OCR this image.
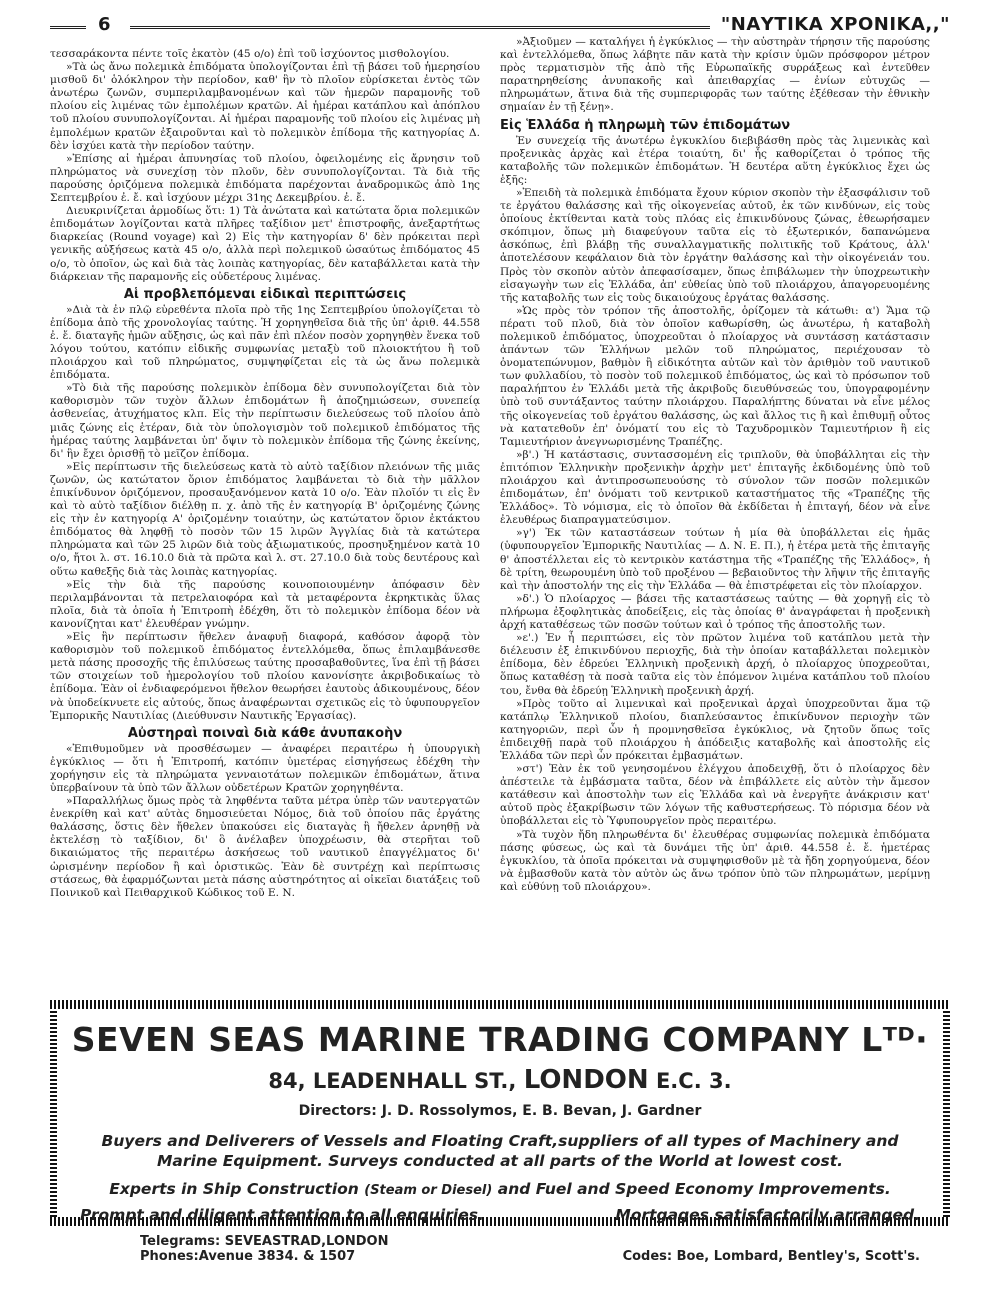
6	"ΝΑΥΤΙΚΑ ΧΡΟΝΙΚΑ,,"

τεσσαράκοντα πέντε τοῖς ἑκατὸν (45 ο/ο) ἐπὶ τοῦ ἰσχύοντος μισθολογίου.

»Τὰ ὡς ἄνω πολεμικὰ ἐπιδόματα ὑπολογίζονται ἐπὶ τῇ βάσει τοῦ ἡμερησίου μισθοῦ δι' ὁλόκληρον τὴν περίοδον, καθ' ἣν τὸ πλοῖον εὑρίσκεται ἐντὸς τῶν ἀνωτέρω ζωνῶν, συμπεριλαμβανομένων καὶ τῶν ἡμερῶν παραμονῆς τοῦ πλοίου εἰς λιμένας τῶν ἐμπολέμων κρατῶν. Αἱ ἡμέραι κατάπλου καὶ ἀπόπλου τοῦ πλοίου συνυπολογίζονται. Αἱ ἡμέραι παραμονῆς τοῦ πλοίου εἰς λιμένας μὴ ἐμπολέμων κρατῶν ἐξαιροῦνται καὶ τὸ πολεμικὸν ἐπίδομα τῆς κατηγορίας Δ. δὲν ἰσχύει κατὰ τὴν περίοδον ταύτην.

»Ἐπίσης αἱ ἡμέραι ἀπυνησίας τοῦ πλοίου, ὀφειλομένης εἰς ἄρνησιν τοῦ πληρώματος νὰ συνεχίσῃ τὸν πλοῦν, δὲν συνυπολογίζονται. Τὰ διὰ τῆς παρούσης ὁριζόμενα πολεμικὰ ἐπιδόματα παρέχονται ἀναδρομικῶς ἀπὸ 1ης Σεπτεμβρίου ἐ. ἔ. καὶ ἰσχύουν μέχρι 31ης Δεκεμβρίου. ἐ. ἔ.

Διευκρινίζεται ἁρμοδίως ὅτι: 1) Τὰ ἀνώτατα καὶ κατώτατα ὅρια πολεμικῶν ἐπιδομάτων λογίζονται κατὰ πλῆρες ταξίδιον μετ' ἐπιστροφῆς, ἀνεξαρτήτως διαρκείας (Round voyage) καὶ 2) Εἰς τὴν κατηγορίαν δ' δὲν πρόκειται περὶ γενικῆς αὐξήσεως κατὰ 45 ο/ο, ἀλλὰ περὶ πολεμικοῦ ὡσαύτως ἐπιδόματος 45 ο/ο, τὸ ὁποῖον, ὡς καὶ διὰ τὰς λοιπὰς κατηγορίας, δὲν καταβάλλεται κατὰ τὴν διάρκειαν τῆς παραμονῆς εἰς οὐδετέρους λιμένας.

Αἱ προβλεπόμεναι εἰδικαὶ περιπτώσεις

»Διὰ τὰ ἐν πλῷ εὑρεθέντα πλοῖα πρὸ τῆς 1ης Σεπτεμβρίου ὑπολογίζεται τὸ ἐπίδομα ἀπὸ τῆς χρονολογίας ταύτης. Ἡ χορηγηθεῖσα διὰ τῆς ὑπ' ἀριθ. 44.558 ἐ. ἔ. διαταγῆς ἡμῶν αὔξησις, ὡς καὶ πᾶν ἐπὶ πλέον ποσὸν χορηγηθὲν ἕνεκα τοῦ λόγου τούτου, κατόπιν εἰδικῆς συμφωνίας μεταξὺ τοῦ πλοιοκτήτου ἢ τοῦ πλοιάρχου καὶ τοῦ πληρώματος, συμψηφίζεται εἰς τὰ ὡς ἄνω πολεμικὰ ἐπιδόματα.

»Τὸ διὰ τῆς παρούσης πολεμικὸν ἐπίδομα δὲν συνυπολογίζεται διὰ τὸν καθορισμὸν τῶν τυχὸν ἄλλων ἐπιδομάτων ἢ ἀποζημιώσεων, συνεπείᾳ ἀσθενείας, ἀτυχήματος κλπ. Εἰς τὴν περίπτωσιν διελεύσεως τοῦ πλοίου ἀπὸ μιᾶς ζώνης εἰς ἑτέραν, διὰ τὸν ὑπολογισμὸν τοῦ πολεμικοῦ ἐπιδόματος τῆς ἡμέρας ταύτης λαμβάνεται ὑπ' ὄψιν τὸ πολεμικὸν ἐπίδομα τῆς ζώνης ἐκείνης, δι' ἣν ἔχει ὁρισθῇ τὸ μεῖζον ἐπίδομα.

»Εἰς περίπτωσιν τῆς διελεύσεως κατὰ τὸ αὐτὸ ταξίδιον πλειόνων τῆς μιᾶς ζωνῶν, ὡς κατώτατον ὅριον ἐπιδόματος λαμβάνεται τὸ διὰ τὴν μᾶλλον ἐπικίνδυνον ὁριζόμενον, προσαυξανόμενον κατὰ 10 ο/ο. Ἐὰν πλοῖόν τι εἰς ἓν καὶ τὸ αὐτὸ ταξίδιον διέλθῃ π. χ. ἀπὸ τῆς ἐν κατηγορίᾳ Β' ὁριζομένης ζώνης εἰς τὴν ἐν κατηγορίᾳ Α' ὁριζομένην τοιαύτην, ὡς κατώτατον ὅριον ἐκτάκτου ἐπιδόματος θὰ ληφθῇ τὸ ποσὸν τῶν 15 λιρῶν Ἀγγλίας διὰ τὰ κατώτερα πληρώματα καὶ τῶν 25 λιρῶν διὰ τοὺς ἀξιωματικούς, προσηυξημένον κατὰ 10 ο/ο, ἤτοι λ. στ. 16.10.0 διὰ τὰ πρῶτα καὶ λ. στ. 27.10.0 διὰ τοὺς δευτέρους καὶ οὕτω καθεξῆς διὰ τὰς λοιπὰς κατηγορίας.

»Εἰς τὴν διὰ τῆς παρούσης κοινοποιουμένην ἀπόφασιν δὲν περιλαμβάνονται τὰ πετρελαιοφόρα καὶ τὰ μεταφέροντα ἐκρηκτικὰς ὕλας πλοῖα, διὰ τὰ ὁποῖα ἡ Ἐπιτροπὴ ἐδέχθη, ὅτι τὸ πολεμικὸν ἐπίδομα δέον νὰ κανονίζηται κατ' ἐλευθέραν γνώμην.

»Εἰς ἣν περίπτωσιν ἤθελεν ἀναφυῇ διαφορά, καθόσον ἀφορᾷ τὸν καθορισμὸν τοῦ πολεμικοῦ ἐπιδόματος ἐντελλόμεθα, ὅπως ἐπιλαμβάνεσθε μετὰ πάσης προσοχῆς τῆς ἐπιλύσεως ταύτης προσαβαθοῦντες, ἵνα ἐπὶ τῇ βάσει τῶν στοιχείων τοῦ ἡμερολογίου τοῦ πλοίου κανονίσητε ἀκριβοδικαίως τὸ ἐπίδομα. Ἐὰν οἱ ἐνδιαφερόμενοι ἤθελον θεωρήσει ἑαυτοὺς ἀδικουμένους, δέον νὰ ὑποδείκνυετε εἰς αὐτούς, ὅπως ἀναφέρωνται σχετικῶς εἰς τὸ ὑφυπουργεῖον Ἐμπορικῆς Ναυτιλίας (Διεύθυνσιν Ναυτικῆς Ἐργασίας).

Αὐστηραὶ ποιναὶ διὰ κάθε ἀνυπακοὴν

«Ἐπιθυμοῦμεν νὰ προσθέσωμεν — ἀναφέρει περαιτέρω ἡ ὑπουργικὴ ἐγκύκλιος — ὅτι ἡ Ἐπιτροπή, κατόπιν ὑμετέρας εἰσηγήσεως ἐδέχθη τὴν χορήγησιν εἰς τὰ πληρώματα γενναιοτάτων πολεμικῶν ἐπιδομάτων, ἅτινα ὑπερβαίνουν τὰ ὑπὸ τῶν ἄλλων οὐδετέρων Κρατῶν χορηγηθέντα.

»Παραλλήλως ὅμως πρὸς τὰ ληφθέντα ταῦτα μέτρα ὑπὲρ τῶν ναυτεργατῶν ἐνεκρίθη καὶ κατ' αὐτὰς δημοσιεύεται Νόμος, διὰ τοῦ ὁποίου πᾶς ἐργάτης θαλάσσης, ὅστις δὲν ἤθελεν ὑπακούσει εἰς διαταγὰς ἢ ἤθελεν ἀρνηθῇ νὰ ἐκτελέσῃ τὸ ταξίδιον, δι' ὃ ἀνέλαβεν ὑποχρέωσιν, θὰ στερῆται τοῦ δικαιώματος τῆς περαιτέρω ἀσκήσεως τοῦ ναυτικοῦ ἐπαγγέλματος δι' ὡρισμένην περίοδον ἢ καὶ ὁριστικῶς. Ἐὰν δὲ συντρέχῃ καὶ περίπτωσις στάσεως, θὰ ἐφαρμόζωνται μετὰ πάσης αὐστηρότητος αἱ οἰκεῖαι διατάξεις τοῦ Ποινικοῦ καὶ Πειθαρχικοῦ Κώδικος τοῦ Ε. Ν.

»Ἀξιοῦμεν — καταλήγει ἡ ἐγκύκλιος — τὴν αὐστηρὰν τήρησιν τῆς παρούσης καὶ ἐντελλόμεθα, ὅπως λάβητε πᾶν κατὰ τὴν κρίσιν ὑμῶν πρόσφορον μέτρον πρὸς τερματισμὸν τῆς ἀπὸ τῆς Εὐρωπαϊκῆς συρράξεως καὶ ἐντεῦθεν παρατηρηθείσης ἀνυπακοῆς καὶ ἀπειθαρχίας — ἐνίων εὐτυχῶς — πληρωμάτων, ἅτινα διὰ τῆς συμπεριφορᾶς των ταύτης ἐξέθεσαν τὴν ἐθνικὴν σημαίαν ἐν τῇ ξένῃ».

Εἰς Ἑλλάδα ἡ πληρωμὴ τῶν ἐπιδομάτων

Ἐν συνεχείᾳ τῆς ἀνωτέρω ἐγκυκλίου διεβιβάσθη πρὸς τὰς λιμενικὰς καὶ προξενικὰς ἀρχὰς καὶ ἑτέρα τοιαύτη, δι' ἧς καθορίζεται ὁ τρόπος τῆς καταβολῆς τῶν πολεμικῶν ἐπιδομάτων. Ἡ δευτέρα αὕτη ἐγκύκλιος ἔχει ὡς ἑξῆς:

»Ἐπειδὴ τὰ πολεμικὰ ἐπιδόματα ἔχουν κύριον σκοπὸν τὴν ἐξασφάλισιν τοῦ τε ἐργάτου θαλάσσης καὶ τῆς οἰκογενείας αὐτοῦ, ἐκ τῶν κινδύνων, εἰς τοὺς ὁποίους ἐκτίθενται κατὰ τοὺς πλόας εἰς ἐπικινδύνους ζώνας, ἐθεωρήσαμεν σκόπιμον, ὅπως μὴ διαφεύγουν ταῦτα εἰς τὸ ἐξωτερικόν, δαπανώμενα ἀσκόπως, ἐπὶ βλάβῃ τῆς συναλλαγματικῆς πολιτικῆς τοῦ Κράτους, ἀλλ' ἀποτελέσουν κεφάλαιον διὰ τὸν ἐργάτην θαλάσσης καὶ τὴν οἰκογένειάν του. Πρὸς τὸν σκοπὸν αὐτὸν ἀπεφασίσαμεν, ὅπως ἐπιβάλωμεν τὴν ὑποχρεωτικὴν εἰσαγωγὴν των εἰς Ἑλλάδα, ἀπ' εὐθείας ὑπὸ τοῦ πλοιάρχου, ἀπαγορευομένης τῆς καταβολῆς των εἰς τοὺς δικαιούχους ἐργάτας θαλάσσης.

»Ὡς πρὸς τὸν τρόπον τῆς ἀποστολῆς, ὁρίζομεν τὰ κάτωθι: α') Ἅμα τῷ πέρατι τοῦ πλοῦ, διὰ τὸν ὁποῖον καθωρίσθη, ὡς ἀνωτέρω, ἡ καταβολὴ πολεμικοῦ ἐπιδόματος, ὑποχρεοῦται ὁ πλοίαρχος νὰ συντάσσῃ κατάστασιν ἁπάντων τῶν Ἑλλήνων μελῶν τοῦ πληρώματος, περιέχουσαν τὸ ὀνοματεπώνυμον, βαθμὸν ἢ εἰδικότητα αὐτῶν καὶ τὸν ἀριθμὸν τοῦ ναυτικοῦ των φυλλαδίου, τὸ ποσὸν τοῦ πολεμικοῦ ἐπιδόματος, ὡς καὶ τὸ πρόσωπον τοῦ παραλήπτου ἐν Ἑλλάδι μετὰ τῆς ἀκριβοῦς διευθύνσεώς του, ὑπογραφομένην ὑπὸ τοῦ συντάξαντος ταύτην πλοιάρχου. Παραλήπτης δύναται νὰ εἶνε μέλος τῆς οἰκογενείας τοῦ ἐργάτου θαλάσσης, ὡς καὶ ἄλλος τις ἢ καὶ ἐπιθυμῇ οὗτος νὰ κατατεθοῦν ἐπ' ὀνόματί του εἰς τὸ Ταχυδρομικὸν Ταμιευτήριον ἢ εἰς Ταμιευτήριον ἀνεγνωρισμένης Τραπέζης.

»β'.) Ἡ κατάστασις, συντασσομένη εἰς τριπλοῦν, θὰ ὑποβάλληται εἰς τὴν ἐπιτόπιον Ἑλληνικὴν προξενικὴν ἀρχὴν μετ' ἐπιταγῆς ἐκδιδομένης ὑπὸ τοῦ πλοιάρχου καὶ ἀντιπροσωπευούσης τὸ σύνολον τῶν ποσῶν πολεμικῶν ἐπιδομάτων, ἐπ' ὀνόματι τοῦ κεντρικοῦ καταστήματος τῆς «Τραπέζης τῆς Ἑλλάδος». Τὸ νόμισμα, εἰς τὸ ὁποῖον θὰ ἐκδίδεται ἡ ἐπιταγή, δέον νὰ εἶνε ἐλευθέρως διαπραγματεύσιμον.

»γ') Ἐκ τῶν καταστάσεων τούτων ἡ μία θὰ ὑποβάλλεται εἰς ἡμᾶς (ὑφυπουργεῖον Ἐμπορικῆς Ναυτιλίας — Δ. Ν. Ε. Π.), ἡ ἑτέρα μετὰ τῆς ἐπιταγῆς θ' ἀποστέλλεται εἰς τὸ κεντρικὸν κατάστημα τῆς «Τραπέζης τῆς Ἑλλάδος», ἡ δὲ τρίτη, θεωρουμένη ὑπὸ τοῦ προξένου — βεβαιοῦντος τὴν λῆψιν τῆς ἐπιταγῆς καὶ τὴν ἀποστολήν της εἰς τὴν Ἑλλάδα — θὰ ἐπιστρέφεται εἰς τὸν πλοίαρχον.

»δ'.) Ὁ πλοίαρχος — βάσει τῆς καταστάσεως ταύτης — θὰ χορηγῇ εἰς τὸ πλήρωμα ἐξοφλητικὰς ἀποδείξεις, εἰς τὰς ὁποίας θ' ἀναγράφεται ἡ προξενικὴ ἀρχή καταθέσεως τῶν ποσῶν τούτων καὶ ὁ τρόπος τῆς ἀποστολῆς των.

»ε'.) Ἐν ἧ περιπτώσει, εἰς τὸν πρῶτον λιμένα τοῦ κατάπλου μετὰ τὴν διέλευσιν ἐξ ἐπικινδύνου περιοχῆς, διὰ τὴν ὁποίαν καταβάλλεται πολεμικὸν ἐπίδομα, δὲν ἐδρεύει Ἑλληνικὴ προξενικὴ ἀρχή, ὁ πλοίαρχος ὑποχρεοῦται, ὅπως καταθέσῃ τὰ ποσὰ ταῦτα εἰς τὸν ἑπόμενον λιμένα κατάπλου τοῦ πλοίου του, ἔνθα θὰ ἑδρεύῃ Ἑλληνικὴ προξενικὴ ἀρχή.

»Πρὸς τοῦτο αἱ λιμενικαὶ καὶ προξενικαὶ ἀρχαὶ ὑποχρεοῦνται ἅμα τῷ κατάπλῳ Ἑλληνικοῦ πλοίου, διαπλεύσαντος ἐπικίνδυνον περιοχὴν τῶν κατηγοριῶν, περὶ ὧν ἡ προμνησθεῖσα ἐγκύκλιος, νὰ ζητοῦν ὅπως τοῖς ἐπιδειχθῇ παρὰ τοῦ πλοιάρχου ἡ ἀπόδειξις καταβολῆς καὶ ἀποστολῆς εἰς Ἑλλάδα τῶν περὶ ὧν πρόκειται ἐμβασμάτων.

»στ') Ἐὰν ἐκ τοῦ γενησομένου ἐλέγχου ἀποδειχθῇ, ὅτι ὁ πλοίαρχος δὲν ἀπέστειλε τὰ ἐμβάσματα ταῦτα, δέον νὰ ἐπιβάλλετε εἰς αὐτὸν τὴν ἄμεσον κατάθεσιν καὶ ἀποστολὴν των εἰς Ἑλλάδα καὶ νὰ ἐνεργῆτε ἀνάκρισιν κατ' αὐτοῦ πρὸς ἐξακρίβωσιν τῶν λόγων τῆς καθυστερήσεως. Τὸ πόρισμα δέον νὰ ὑποβάλλεται εἰς τὸ Ὑφυπουργεῖον πρὸς περαιτέρω.

»Τὰ τυχὸν ἤδη πληρωθέντα δι' ἐλευθέρας συμφωνίας πολεμικὰ ἐπιδόματα πάσης φύσεως, ὡς καὶ τὰ δυνάμει τῆς ὑπ' ἀριθ. 44.558 ἐ. ἔ. ἡμετέρας ἐγκυκλίου, τὰ ὁποῖα πρόκειται νὰ συμψηφισθοῦν μὲ τὰ ἤδη χορηγούμενα, δέον νὰ ἐμβασθοῦν κατὰ τὸν αὐτὸν ὡς ἄνω τρόπον ὑπὸ τῶν πληρωμάτων, μερίμνῃ καὶ εὐθύνῃ τοῦ πλοιάρχου».

SEVEN SEAS MARINE TRADING COMPANY Lᵀᴰ·
84, LEADENHALL ST., LONDON E.C. 3.
Directors: J. D. Rossolymos, E. B. Bevan, J. Gardner
Buyers and Deliverers of Vessels and Floating Craft,suppliers of all types of Machinery and Marine Equipment. Surveys conducted at all parts of the World at lowest cost.
Experts in Ship Construction (Steam or Diesel) and Fuel and Speed Economy Improvements.
Prompt and diligent attention to all enquiries.	Mortgages satisfactorily arranged.
Telegrams: SEVEASTRAD,LONDON
Phones:Avenue 3834. & 1507	Codes: Boe, Lombard, Bentley's, Scott's.
